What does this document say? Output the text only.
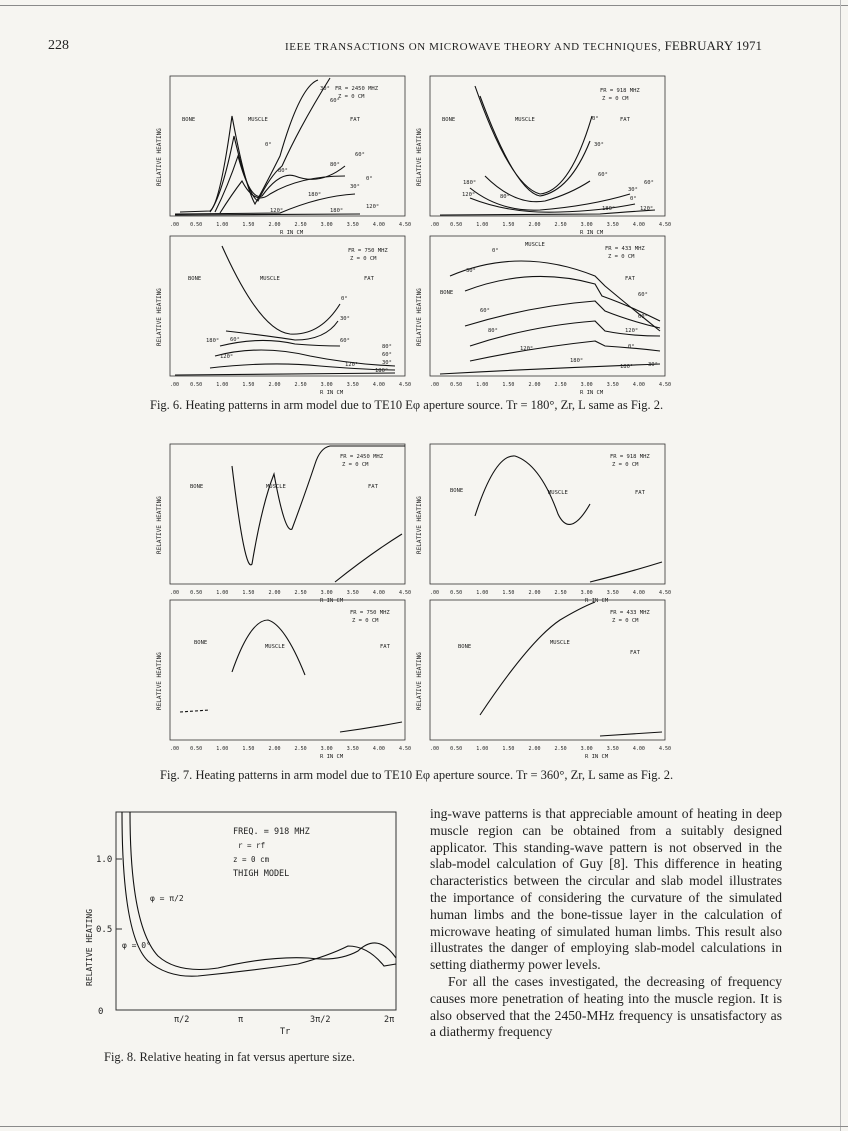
228	IEEE TRANSACTIONS ON MICROWAVE THEORY AND TECHNIQUES, FEBRUARY 1971
RELATIVE HEATING
FR = 2450 MHZ
Z = 0 CM
BONE	MUSCLE	FAT
30°
60°
0°
60°
80°
80°
30°
0°
180°
120°
120°	180°
.00 0.50	1.00	1.50	2.00	2.50	3.00	3.50	4.00	4.50
R IN CM
RELATIVE HEATING
FR = 918 MHZ
Z = 0 CM
BONE	MUSCLE	FAT
0°
30°
60°
180°
120°	80°
30°
60°
0°
180°	120°
.00 0.50	1.00	1.50	2.00	2.50	3.00	3.50	4.00	4.50
R IN CM
RELATIVE HEATING
FR = 750 MHZ
Z = 0 CM
BONE	MUSCLE	FAT
0°
30°
180° 60°	60°
120°
80°
60°
30°
120°
180°
.00 0.50	1.00	1.50	2.00	2.50	3.00	3.50	4.00	4.50
R IN CM
RELATIVE HEATING
FR = 433 MHZ
Z = 0 CM
BONE
MUSCLE
FAT
0°
30°
60°
60°
80°
120°
120°
0°
180°
60°
30°
180°
.00 0.50	1.00	1.50	2.00	2.50	3.00	3.50	4.00	4.50
R IN CM
Fig. 6. Heating patterns in arm model due to TE10 Eφ aperture source. Tr = 180°, Zr, L same as Fig. 2.
RELATIVE HEATING
FR = 2450 MHZ
Z = 0 CM
BONE	MUSCLE	FAT
.00 0.50	1.00	1.50	2.00	2.50	3.00	3.50	4.00	4.50
R IN CM
RELATIVE HEATING
FR = 918 MHZ
Z = 0 CM
BONE	MUSCLE	FAT
.00 0.50	1.00	1.50	2.00	2.50	3.00	3.50	4.00	4.50
R IN CM
RELATIVE HEATING
FR = 750 MHZ
Z = 0 CM
BONE
MUSCLE	FAT
.00 0.50	1.00	1.50	2.00	2.50	3.00	3.50	4.00	4.50
R IN CM
RELATIVE HEATING
FR = 433 MHZ
Z = 0 CM
BONE
MUSCLE
FAT
.00 0.50	1.00	1.50	2.00	2.50	3.00	3.50	4.00	4.50
R IN CM
Fig. 7. Heating patterns in arm model due to TE10 Eφ aperture source. Tr = 360°, Zr, L same as Fig. 2.
RELATIVE HEATING
0
0.5
1.0
π/2	π	3π/2	2π
Tr
FREQ. = 918 MHZ
r = rf
z = 0 cm
THIGH MODEL
φ = π/2
φ = 0°
Fig. 8. Relative heating in fat versus aperture size.

ing-wave patterns is that appreciable amount of heating in deep muscle region can be obtained from a suitably designed applicator. This standing-wave pattern is not observed in the slab-model calculation of Guy [8]. This difference in heating characteristics between the circular and slab model illustrates the importance of considering the curvature of the simulated human limbs and the bone-tissue layer in the calculation of microwave heating of simulated human limbs. This result also illustrates the danger of employing slab-model calculations in setting diathermy power levels.

For all the cases investigated, the decreasing of frequency causes more penetration of heating into the muscle region. It is also observed that the 2450-MHz frequency is unsatisfactory as a diathermy frequency
